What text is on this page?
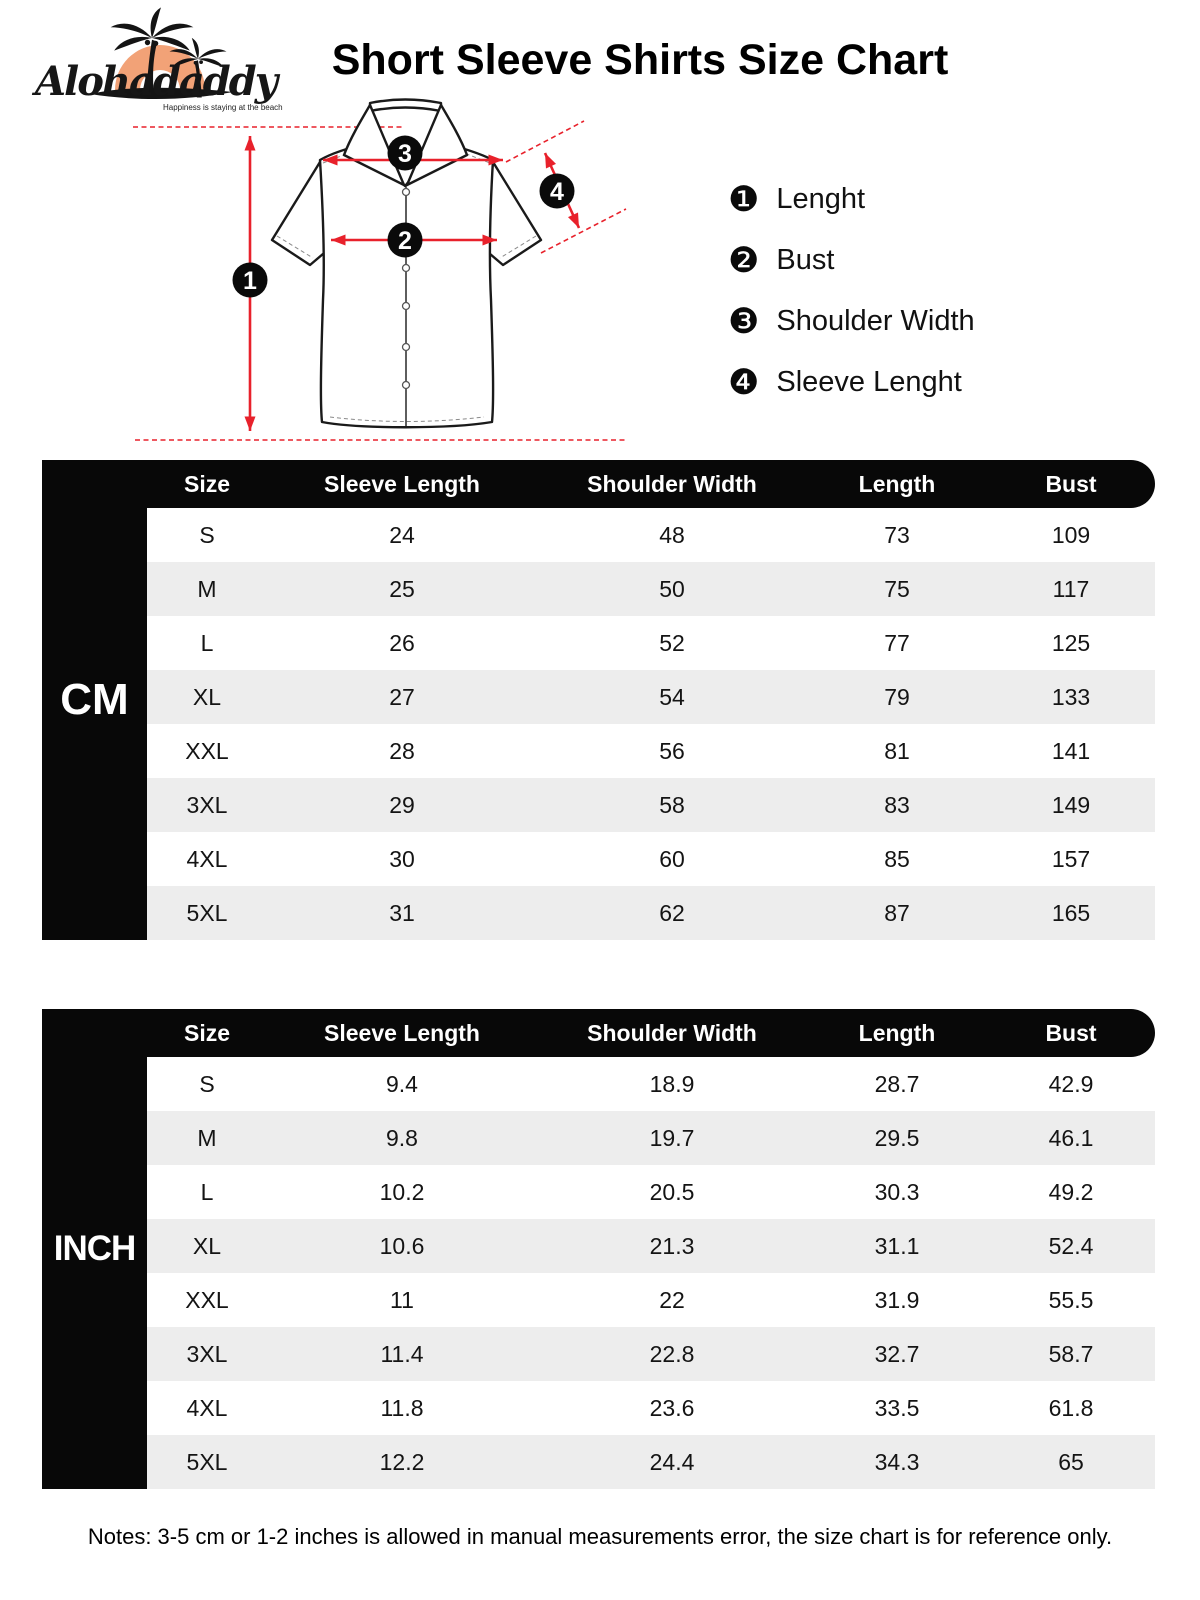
Alohadaddy
Happiness is staying at the beach
Short Sleeve Shirts Size Chart
1
2
3
4	❶ Lenght
❷ Bust
❸ Shoulder Width
❹ Sleeve Lenght
CM
Size	Sleeve Length	Shoulder Width	Length	Bust
S	24	48	73	109
M	25	50	75	117
L	26	52	77	125
XL	27	54	79	133
XXL	28	56	81	141
3XL	29	58	83	149
4XL	30	60	85	157
5XL	31	62	87	165
INCH
Size	Sleeve Length	Shoulder Width	Length	Bust
S	9.4	18.9	28.7	42.9
M	9.8	19.7	29.5	46.1
L	10.2	20.5	30.3	49.2
XL	10.6	21.3	31.1	52.4
XXL	11	22	31.9	55.5
3XL	11.4	22.8	32.7	58.7
4XL	11.8	23.6	33.5	61.8
5XL	12.2	24.4	34.3	65
Notes: 3-5 cm or 1-2 inches is allowed in manual measurements error, the size chart is for reference only.
